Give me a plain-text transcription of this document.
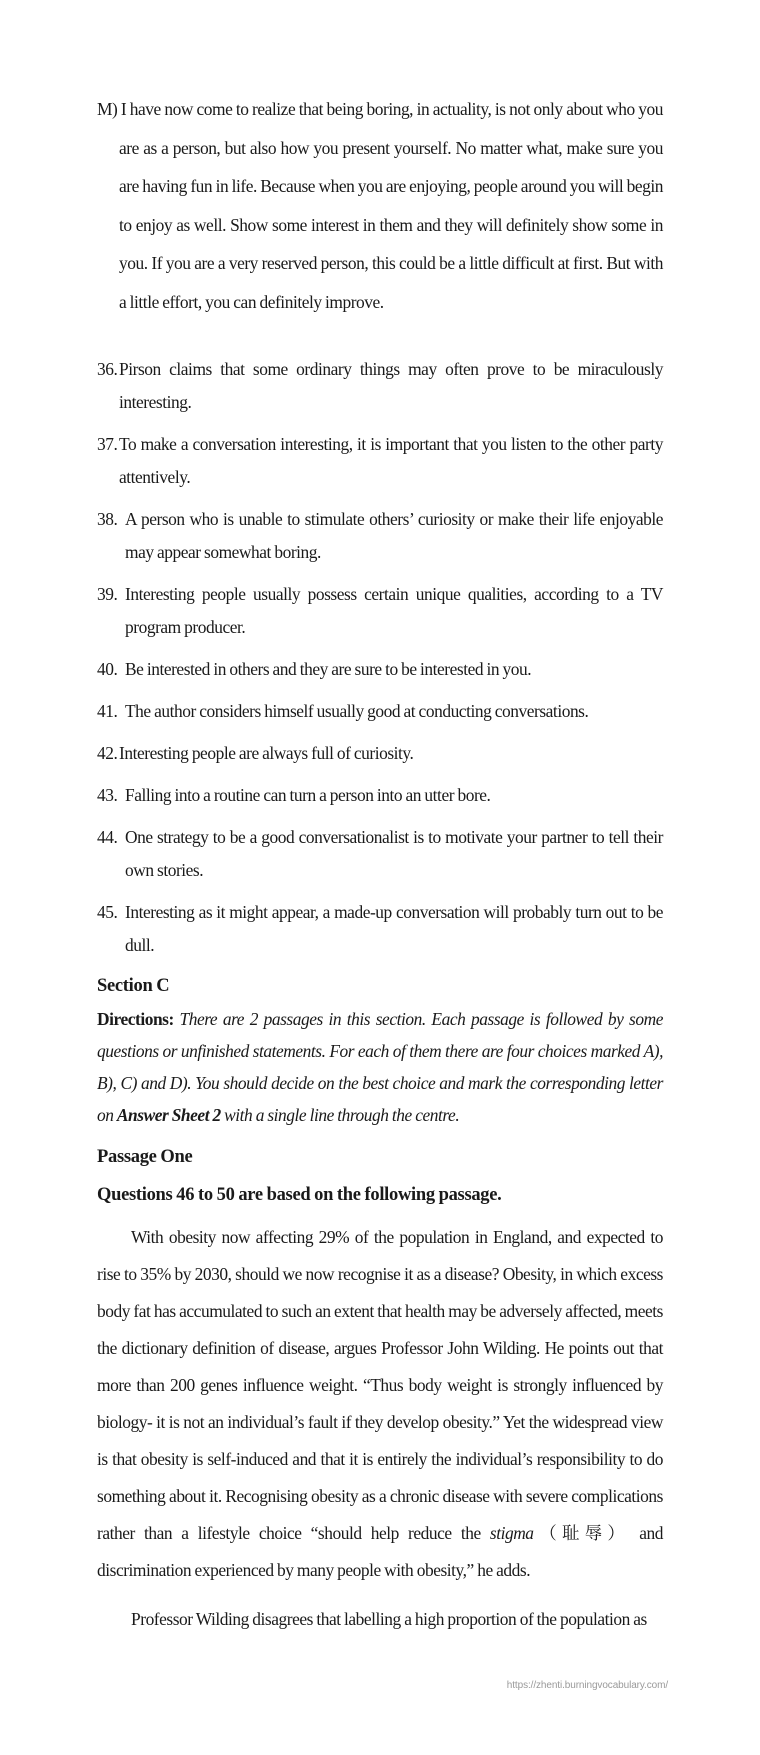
M) I have now come to realize that being boring, in actuality, is not only about who you are as a person, but also how you present yourself. No matter what, make sure you are having fun in life. Because when you are enjoying, people around you will begin to enjoy as well. Show some interest in them and they will definitely show some in you. If you are a very reserved person, this could be a little difficult at first. But with a little effort, you can definitely improve.

36. Pirson claims that some ordinary things may often prove to be miraculously interesting.
37. To make a conversation interesting, it is important that you listen to the other party attentively.
38. A person who is unable to stimulate others’ curiosity or make their life enjoyable may appear somewhat boring.
39. Interesting people usually possess certain unique qualities, according to a TV program producer.
40. Be interested in others and they are sure to be interested in you.
41. The author considers himself usually good at conducting conversations.
42. Interesting people are always full of curiosity.
43. Falling into a routine can turn a person into an utter bore.
44. One strategy to be a good conversationalist is to motivate your partner to tell their own stories.
45. Interesting as it might appear, a made-up conversation will probably turn out to be dull.
Section C

Directions: There are 2 passages in this section. Each passage is followed by some questions or unfinished statements. For each of them there are four choices marked A), B), C) and D). You should decide on the best choice and mark the corresponding letter on Answer Sheet 2 with a single line through the centre.

Passage One
Questions 46 to 50 are based on the following passage.

With obesity now affecting 29% of the population in England, and expected to rise to 35% by 2030, should we now recognise it as a disease? Obesity, in which excess body fat has accumulated to such an extent that health may be adversely affected, meets the dictionary definition of disease, argues Professor John Wilding. He points out that more than 200 genes influence weight. “Thus body weight is strongly influenced by biology- it is not an individual’s fault if they develop obesity.” Yet the widespread view is that obesity is self-induced and that it is entirely the individual’s responsibility to do something about it. Recognising obesity as a chronic disease with severe complications rather than a lifestyle choice “should help reduce the stigma（耻辱） and discrimination experienced by many people with obesity,” he adds.

Professor Wilding disagrees that labelling a high proportion of the population as

https://zhenti.burningvocabulary.com/
